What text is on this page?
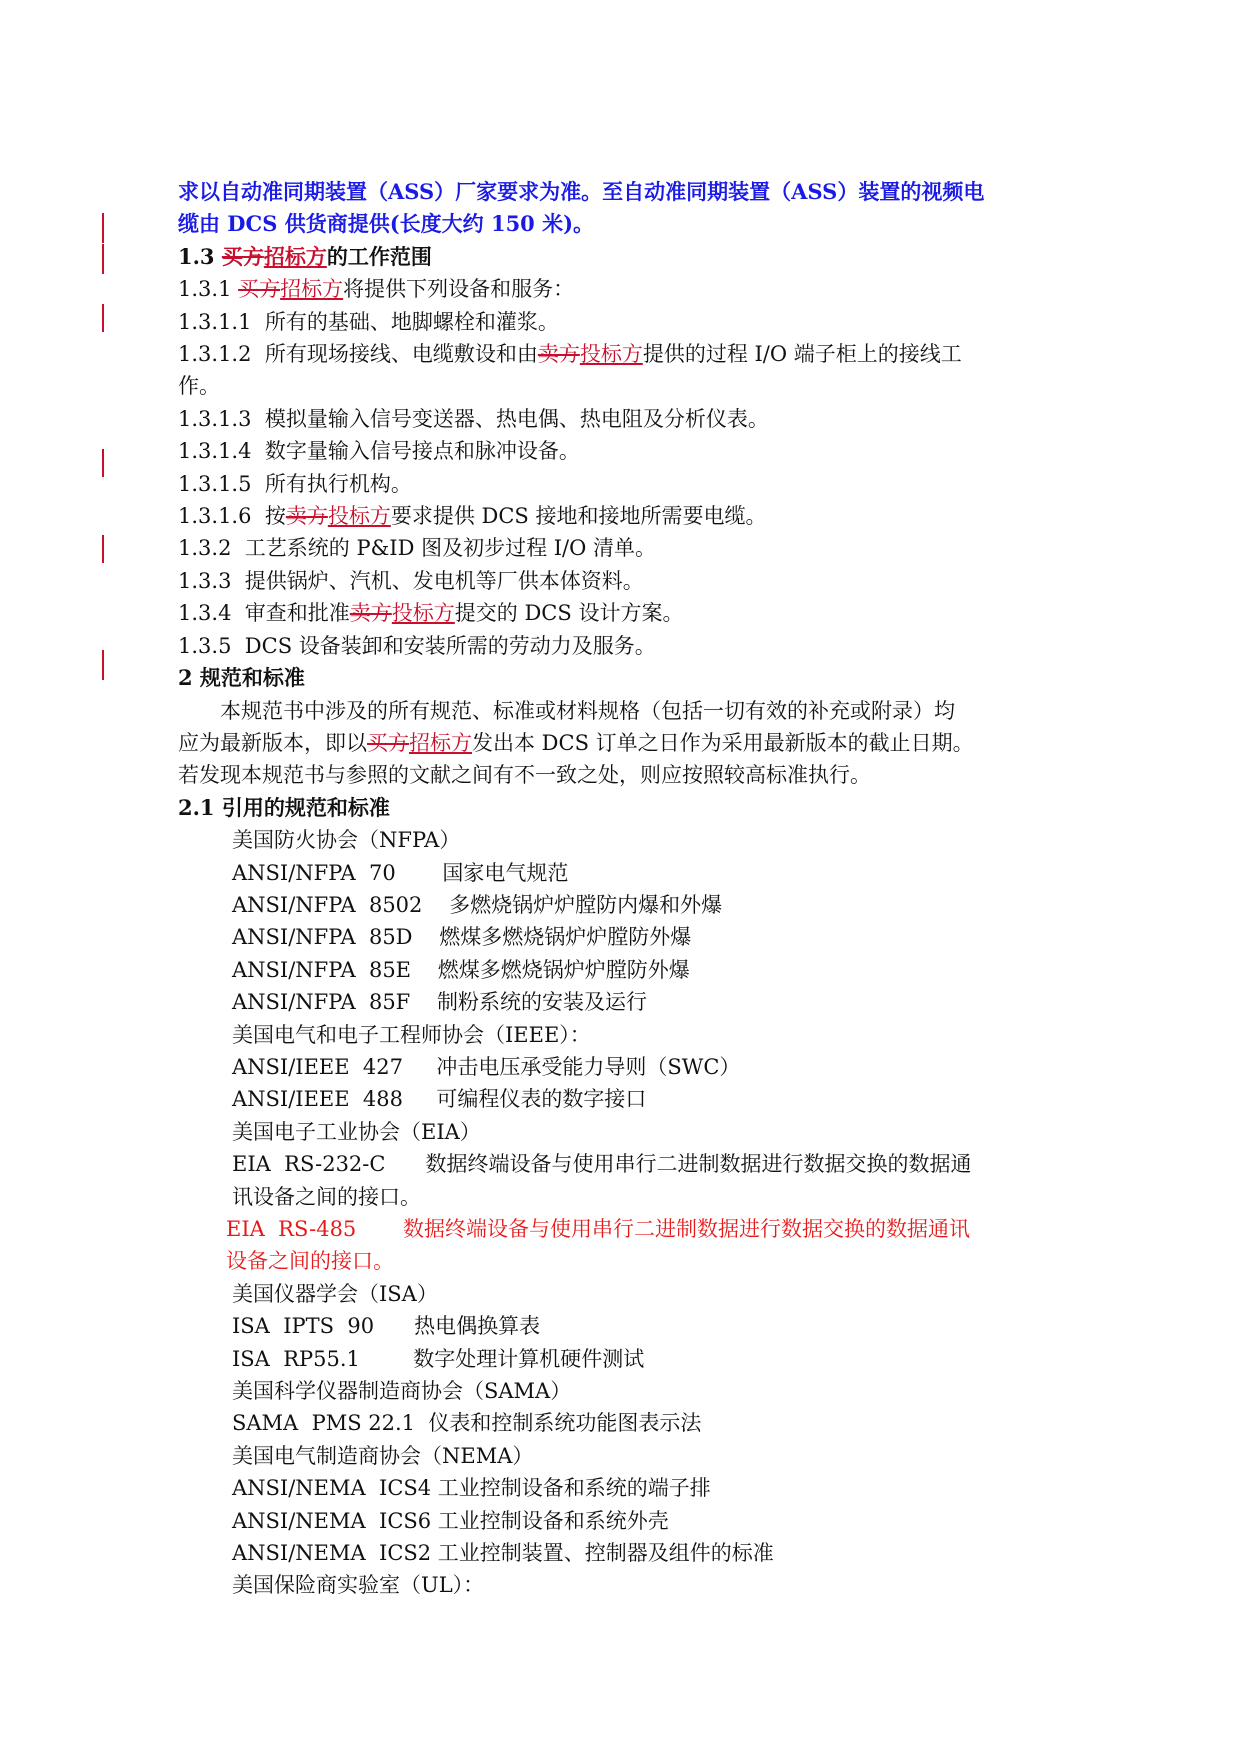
求以自动准同期装置（ASS）厂家要求为准。至自动准同期装置（ASS）装置的视频电

缆由 DCS 供货商提供(长度大约 150 米)。

1.3 买方招标方的工作范围

1.3.1 买方招标方将提供下列设备和服务：

1.3.1.1  所有的基础、地脚螺栓和灌浆。

1.3.1.2  所有现场接线、电缆敷设和由卖方投标方提供的过程 I/O 端子柜上的接线工

作。

1.3.1.3  模拟量输入信号变送器、热电偶、热电阻及分析仪表。

1.3.1.4  数字量输入信号接点和脉冲设备。

1.3.1.5  所有执行机构。

1.3.1.6  按卖方投标方要求提供 DCS 接地和接地所需要电缆。

1.3.2  工艺系统的 P&ID 图及初步过程 I/O 清单。

1.3.3  提供锅炉、汽机、发电机等厂供本体资料。

1.3.4  审查和批准卖方投标方提交的 DCS 设计方案。

1.3.5  DCS 设备装卸和安装所需的劳动力及服务。

2 规范和标准

本规范书中涉及的所有规范、标准或材料规格（包括一切有效的补充或附录）均

应为最新版本，即以买方招标方发出本 DCS 订单之日作为采用最新版本的截止日期。

若发现本规范书与参照的文献之间有不一致之处，则应按照较高标准执行。

2.1 引用的规范和标准

美国防火协会（NFPA）

ANSI/NFPA  70       国家电气规范

ANSI/NFPA  8502    多燃烧锅炉炉膛防内爆和外爆

ANSI/NFPA  85D    燃煤多燃烧锅炉炉膛防外爆

ANSI/NFPA  85E    燃煤多燃烧锅炉炉膛防外爆

ANSI/NFPA  85F    制粉系统的安装及运行

美国电气和电子工程师协会（IEEE）：

ANSI/IEEE  427     冲击电压承受能力导则（SWC）

ANSI/IEEE  488     可编程仪表的数字接口

美国电子工业协会（EIA）

EIA  RS-232-C      数据终端设备与使用串行二进制数据进行数据交换的数据通

讯设备之间的接口。

EIA  RS-485       数据终端设备与使用串行二进制数据进行数据交换的数据通讯

设备之间的接口。

美国仪器学会（ISA）

ISA  IPTS  90      热电偶换算表

ISA  RP55.1        数字处理计算机硬件测试

美国科学仪器制造商协会（SAMA）

SAMA  PMS 22.1  仪表和控制系统功能图表示法

美国电气制造商协会（NEMA）

ANSI/NEMA  ICS4 工业控制设备和系统的端子排

ANSI/NEMA  ICS6 工业控制设备和系统外壳

ANSI/NEMA  ICS2 工业控制装置、控制器及组件的标准

美国保险商实验室（UL）：
